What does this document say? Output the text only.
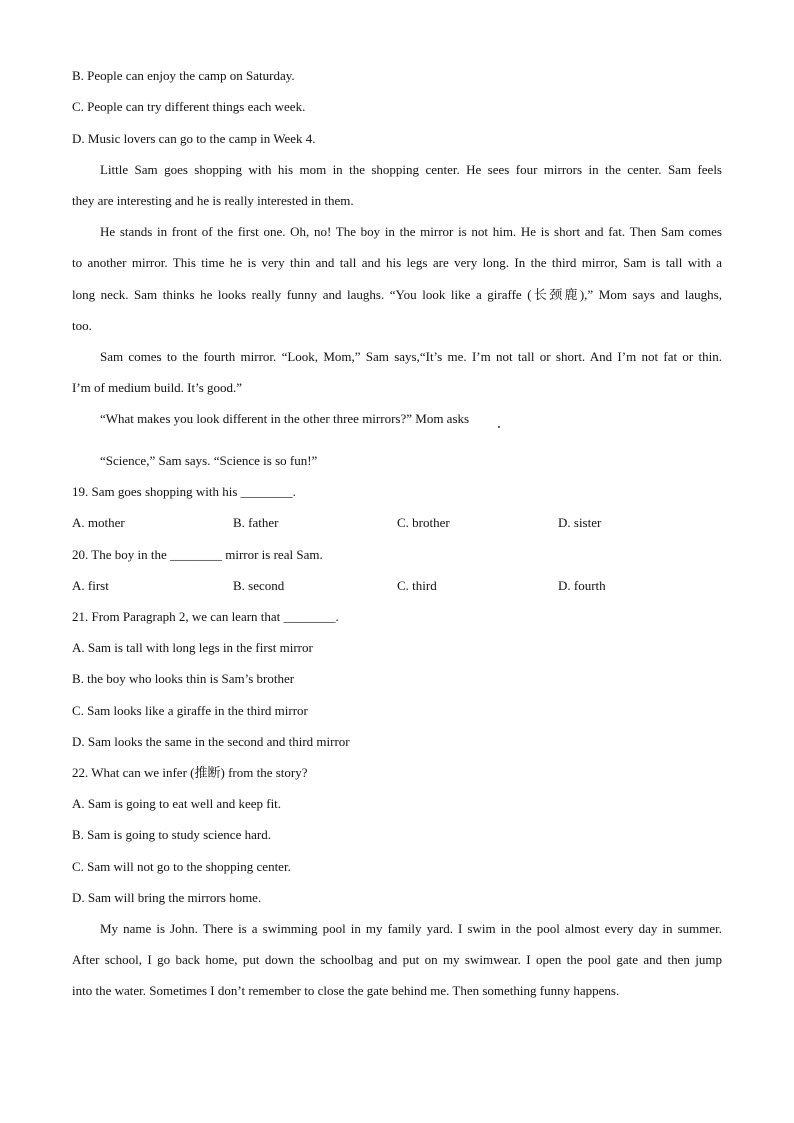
B. People can enjoy the camp on Saturday.
C. People can try different things each week.
D. Music lovers can go to the camp in Week 4.
Little Sam goes shopping with his mom in the shopping center. He sees four mirrors in the center. Sam feels
they are interesting and he is really interested in them.
He stands in front of the first one. Oh, no! The boy in the mirror is not him. He is short and fat. Then Sam comes
to another mirror. This time he is very thin and tall and his legs are very long. In the third mirror, Sam is tall with a
long neck. Sam thinks he looks really funny and laughs. “You look like a giraffe (长颈鹿),” Mom says and laughs,
too.
Sam comes to the fourth mirror. “Look, Mom,” Sam says,“It’s me. I’m not tall or short. And I’m not fat or thin.
I’m of medium build. It’s good.”
“What makes you look different in the other three mirrors?” Mom asks
“Science,” Sam says. “Science is so fun!”
19. Sam goes shopping with his ________.
A. mother	B. father	C. brother	D. sister
20. The boy in the ________ mirror is real Sam.
A. first	B. second	C. third	D. fourth
21. From Paragraph 2, we can learn that ________.
A. Sam is tall with long legs in the first mirror
B. the boy who looks thin is Sam’s brother
C. Sam looks like a giraffe in the third mirror
D. Sam looks the same in the second and third mirror
22. What can we infer (推断) from the story?
A. Sam is going to eat well and keep fit.
B. Sam is going to study science hard.
C. Sam will not go to the shopping center.
D. Sam will bring the mirrors home.
My name is John. There is a swimming pool in my family yard. I swim in the pool almost every day in summer.
After school, I go back home, put down the schoolbag and put on my swimwear. I open the pool gate and then jump
into the water. Sometimes I don’t remember to close the gate behind me. Then something funny happens.
